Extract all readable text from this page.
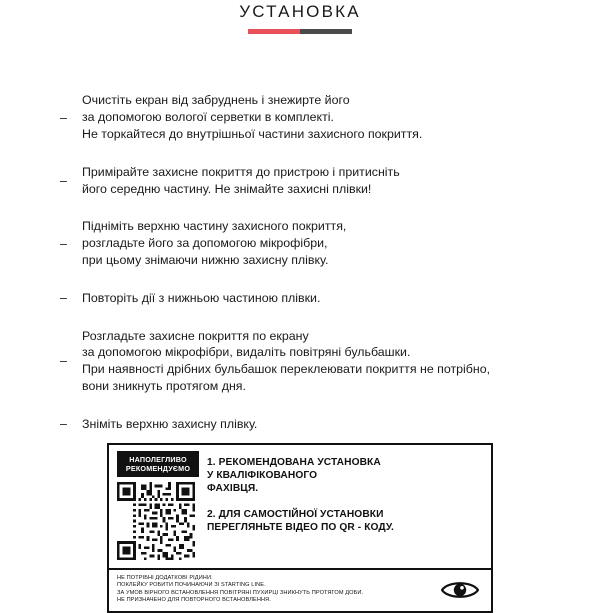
УСТАНОВКА
–
Очистіть екран від забруднень і знежирте його
за допомогою вологої серветки в комплекті.
Не торкайтеся до внутрішньої частини захисного покриття.
–
Примірайте захисне покриття до пристрою і притисніть
його середню частину. Не знімайте захисні плівки!
–
Підніміть верхню частину захисного покриття,
розгладьте його за допомогою мікрофібри,
при цьому знімаючи нижню захисну плівку.
–	Повторіть дії з нижньою частиною плівки.
–
Розгладьте захисне покриття по екрану
за допомогою мікрофібри, видаліть повітряні бульбашки.
При наявності дрібних бульбашок переклеювати покриття не потрібно,
вони зникнуть протягом дня.
–	Зніміть верхню захисну плівку.
НАПОЛЕГЛИВО
РЕКОМЕНДУЄМО
1. РЕКОМЕНДОВАНА УСТАНОВКА
У КВАЛІФІКОВАНОГО
ФАХІВЦЯ.
2. ДЛЯ САМОСТІЙНОЇ УСТАНОВКИ
ПЕРЕГЛЯНЬТЕ ВІДЕО ПО QR - КОДУ.
НЕ ПОТРІБНІ ДОДАТКОВІ РІДИНИ.
ПОКЛЕЙКУ РОБИТИ ПОЧИНАЮЧИ ЗІ STARTING LINE.
ЗА УМОВ ВІРНОГО ВСТАНОВЛЕННЯ ПОВІТРЯНІ ПУХИРЦІ ЗНИКНУТЬ ПРОТЯГОМ ДОБИ.
НЕ ПРИЗНАЧЕНО ДЛЯ ПОВТОРНОГО ВСТАНОВЛЕННЯ.
